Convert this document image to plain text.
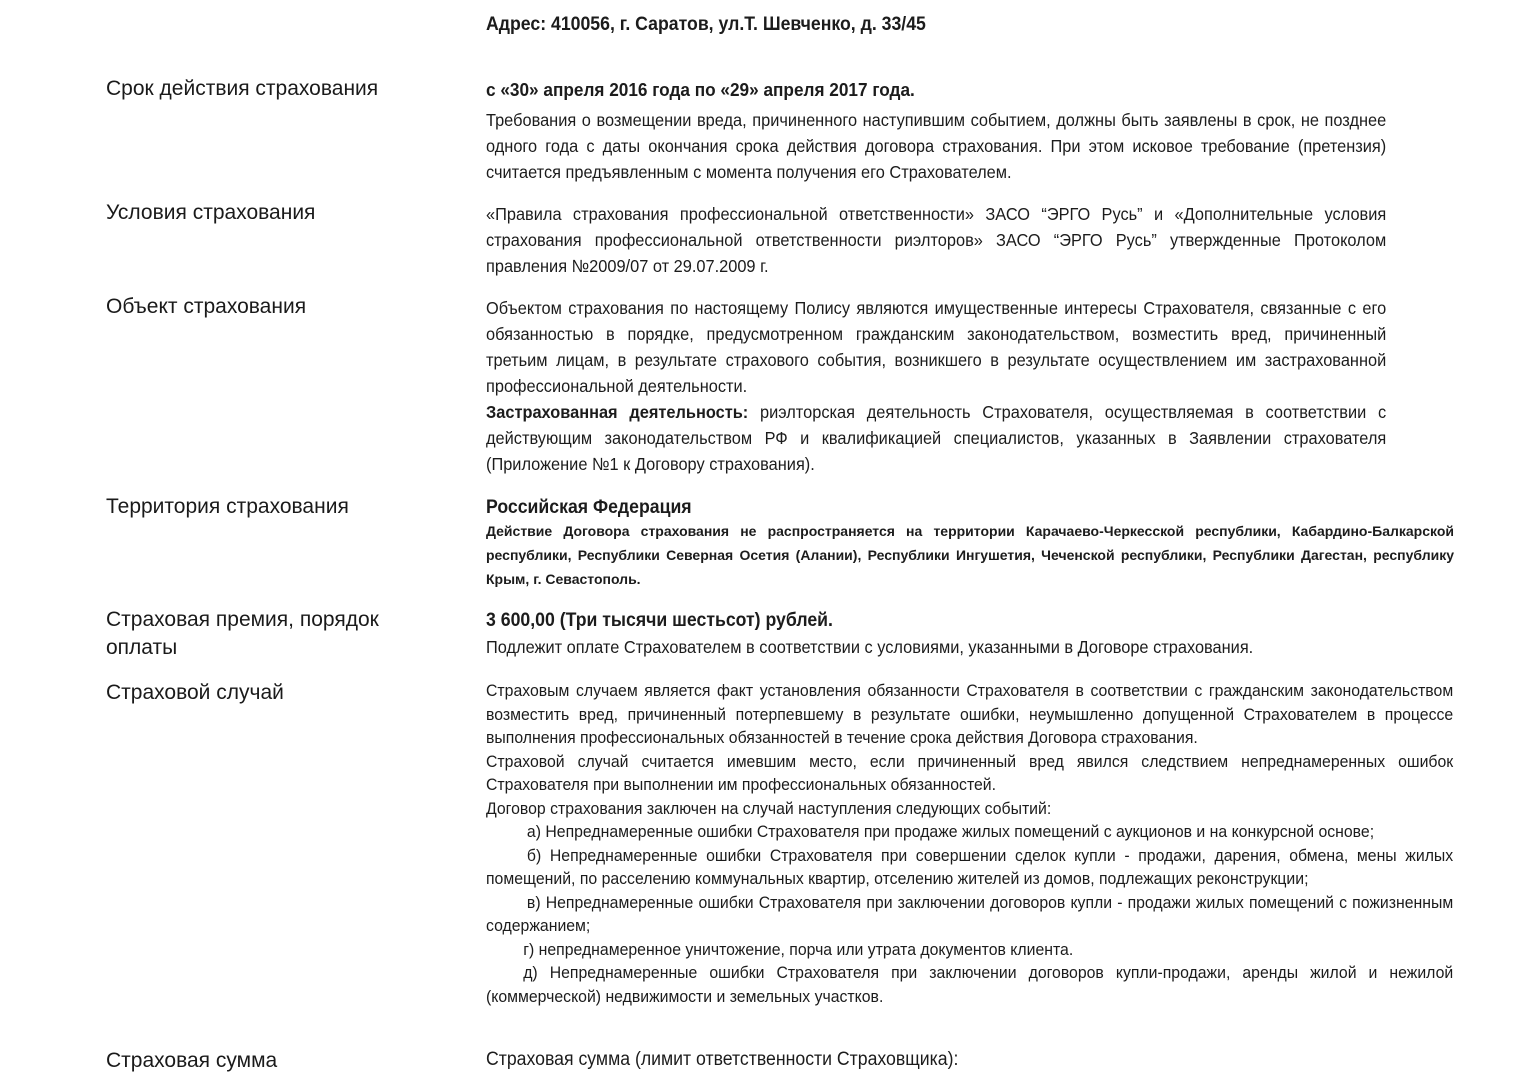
Адрес: 410056, г. Саратов, ул.Т. Шевченко, д. 33/45
Срок действия страхования	с «30» апреля 2016 года по «29» апреля 2017 года.

Требования о возмещении вреда, причиненного наступившим событием, должны быть заявлены в срок, не позднее одного года с даты окончания срока действия договора страхования. При этом исковое требование (претензия) считается предъявленным с момента получения его Страхователем.

Условия страхования	«Правила страхования профессиональной ответственности» ЗАСО “ЭРГО Русь” и «Дополнительные условия страхования профессиональной ответственности риэлторов» ЗАСО “ЭРГО Русь” утвержденные Протоколом правления №2009/07 от 29.07.2009 г.

Объект страхования	Объектом страхования по настоящему Полису являются имущественные интересы Страхователя, связанные с его обязанностью в порядке, предусмотренном гражданским законодательством, возместить вред, причиненный третьим лицам, в результате страхового события, возникшего в результате осуществлением им застрахованной профессиональной деятельности.

Застрахованная деятельность: риэлторская деятельность Страхователя, осуществляемая в соответствии с действующим законодательством РФ и квалификацией специалистов, указанных в Заявлении страхователя (Приложение №1 к Договору страхования).

Территория страхования	Российская Федерация

Действие Договора страхования не распространяется на территории Карачаево-Черкесской республики, Кабардино-Балкарской республики, Республики Северная Осетия (Алании), Республики Ингушетия, Чеченской республики, Республики Дагестан, республику Крым, г. Севастополь.

Страховая премия, порядок
оплаты
3 600,00 (Три тысячи шестьсот) рублей.
Подлежит оплате Страхователем в соответствии с условиями, указанными в Договоре страхования.
Страховой случай	Страховым случаем является факт установления обязанности Страхователя в соответствии с гражданским законодательством возместить вред, причиненный потерпевшему в результате ошибки, неумышленно допущенной Страхователем в процессе выполнения профессиональных обязанностей в течение срока действия Договора страхования.

Страховой случай считается имевшим место, если причиненный вред явился следствием непреднамеренных ошибок Страхователя при выполнении им профессиональных обязанностей.

Договор страхования заключен на случай наступления следующих событий:

а) Непреднамеренные ошибки Страхователя при продаже жилых помещений с аукционов и на конкурсной основе;

б) Непреднамеренные ошибки Страхователя при совершении сделок купли - продажи, дарения, обмена, мены жилых помещений, по расселению коммунальных квартир, отселению жителей из домов, подлежащих реконструкции;

в) Непреднамеренные ошибки Страхователя при заключении договоров купли - продажи жилых помещений с пожизненным содержанием;

г) непреднамеренное уничтожение, порча или утрата документов клиента.

д) Непреднамеренные ошибки Страхователя при заключении договоров купли-продажи, аренды жилой и нежилой (коммерческой) недвижимости и земельных участков.

Страховая сумма	Страховая сумма (лимит ответственности Страховщика):
